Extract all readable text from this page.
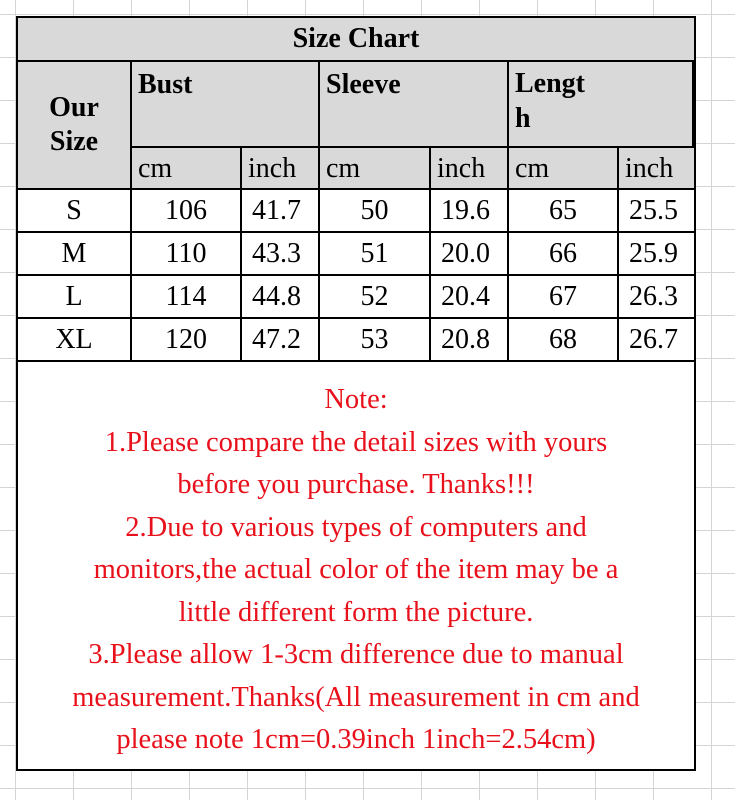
Size Chart
Our Size
Bust	Sleeve	Lengt
h
cm	inch	cm	inch	cm	inch
S	106	41.7	50	19.6	65	25.5
M	110	43.3	51	20.0	66	25.9
L	114	44.8	52	20.4	67	26.3
XL	120	47.2	53	20.8	68	26.7
Note:
1.Please compare the detail sizes with yours
before you purchase. Thanks!!!
2.Due to various types of computers and
monitors,the actual color of the item may be a
little different form the picture.
3.Please allow 1-3cm difference due to manual
measurement.Thanks(All measurement in cm and
please note 1cm=0.39inch 1inch=2.54cm)
